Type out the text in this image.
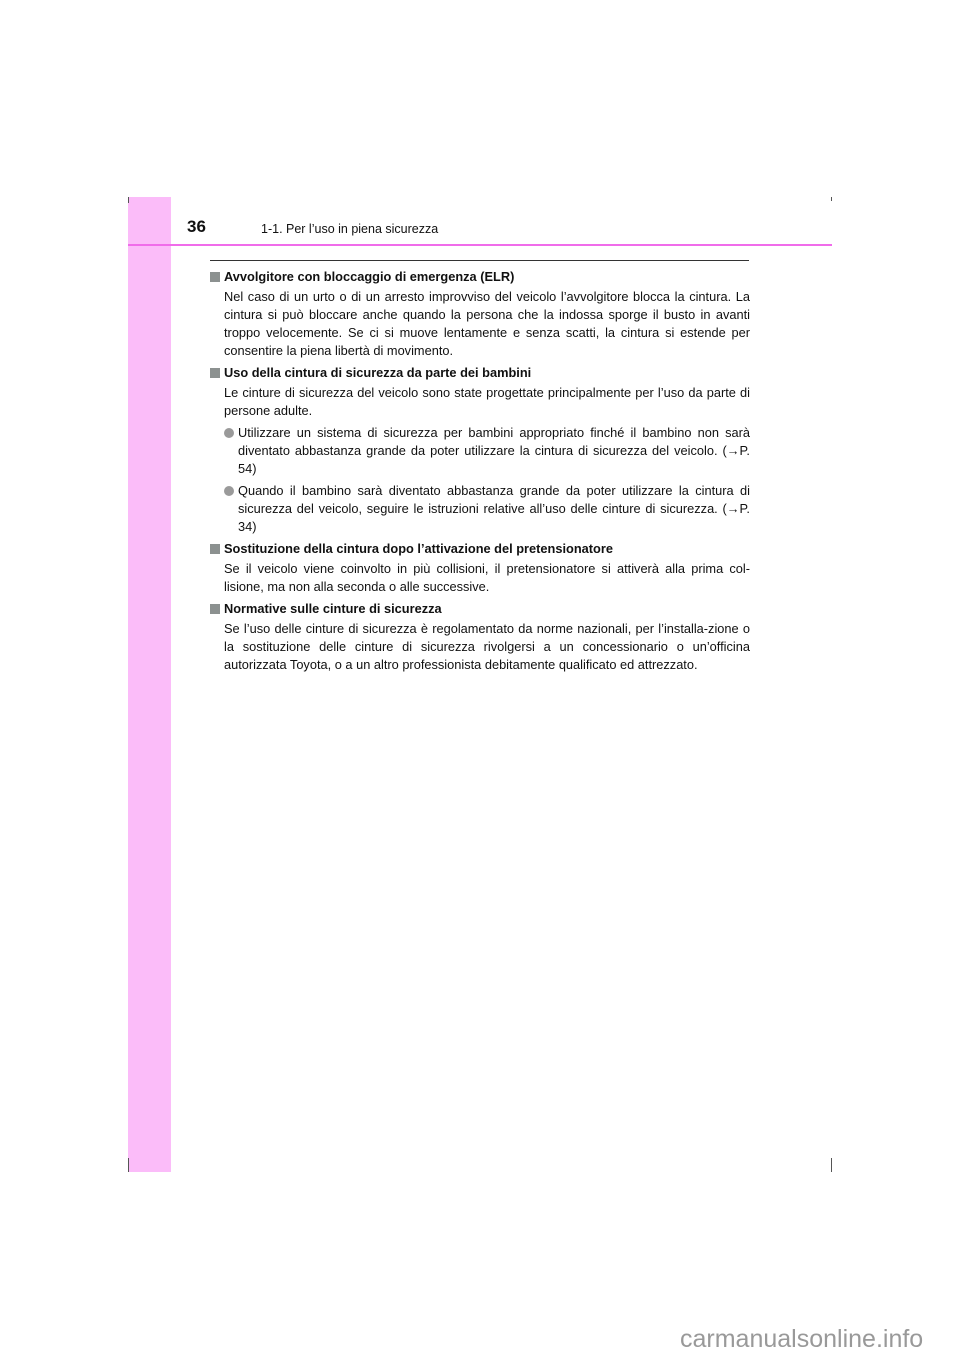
36	1-1. Per l’uso in piena sicurezza
Avvolgitore con bloccaggio di emergenza (ELR)
Nel caso di un urto o di un arresto improvviso del veicolo l’avvolgitore blocca la cintura. La cintura si può bloccare anche quando la persona che la indossa sporge il busto in avanti troppo velocemente. Se ci si muove lentamente e senza scatti, la cintura si estende per consentire la piena libertà di movimento.
Uso della cintura di sicurezza da parte dei bambini
Le cinture di sicurezza del veicolo sono state progettate principalmente per l’uso da parte di persone adulte.
Utilizzare un sistema di sicurezza per bambini appropriato finché il bambino non sarà diventato abbastanza grande da poter utilizzare la cintura di sicurezza del veicolo. (→P. 54)
Quando il bambino sarà diventato abbastanza grande da poter utilizzare la cintura di sicurezza del veicolo, seguire le istruzioni relative all’uso delle cinture di sicurezza. (→P. 34)
Sostituzione della cintura dopo l’attivazione del pretensionatore
Se il veicolo viene coinvolto in più collisioni, il pretensionatore si attiverà alla prima col-lisione, ma non alla seconda o alle successive.
Normative sulle cinture di sicurezza
Se l’uso delle cinture di sicurezza è regolamentato da norme nazionali, per l’installa-zione o la sostituzione delle cinture di sicurezza rivolgersi a un concessionario o un’officina autorizzata Toyota, o a un altro professionista debitamente qualificato ed attrezzato.
carmanualsonline.info
